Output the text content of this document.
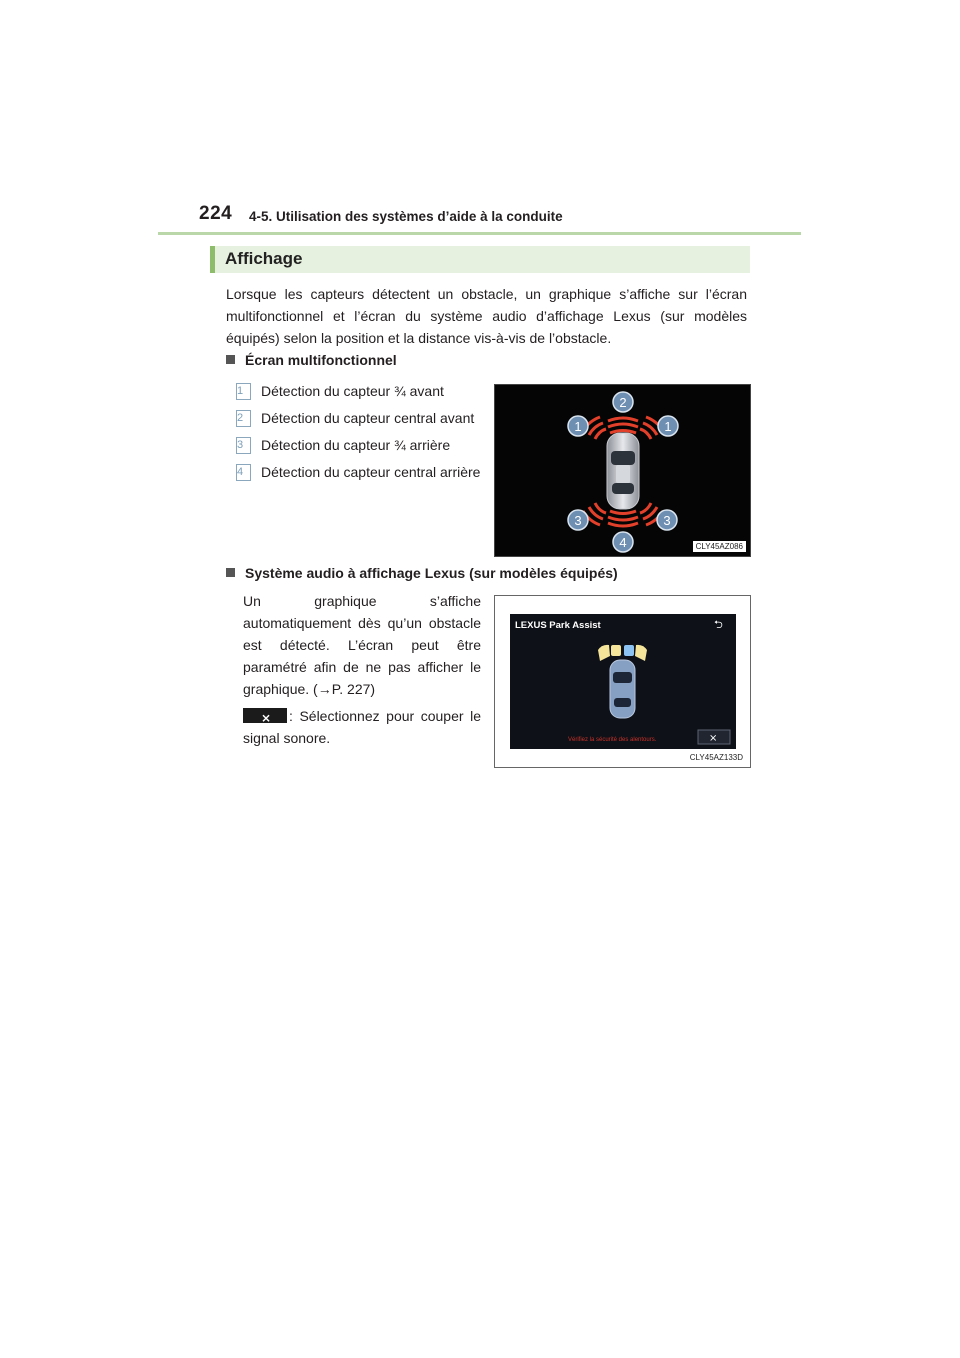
224 4-5. Utilisation des systèmes d’aide à la conduite
Affichage
Lorsque les capteurs détectent un obstacle, un graphique s’affiche sur l’écran multifonctionnel et l’écran du système audio d’affichage Lexus (sur modèles équipés) selon la position et la distance vis-à-vis de l’obstacle.
Écran multifonctionnel
1	Détection du capteur ¾ avant
2	Détection du capteur central avant
3	Détection du capteur ¾ arrière
4	Détection du capteur central arrière
2
1	1
3	3
4	CLY45AZ086
Système audio à affichage Lexus (sur modèles équipés)

Un graphique s’affiche automatiquement dès qu’un obstacle est détecté. L’écran peut être paramétré afin de ne pas afficher le graphique. (→P. 227)

⨯ : Sélectionnez pour couper le signal sonore.

LEXUS Park Assist	⮌
Vérifiez la sécurité des alentours.	⨯
CLY45AZ133D
